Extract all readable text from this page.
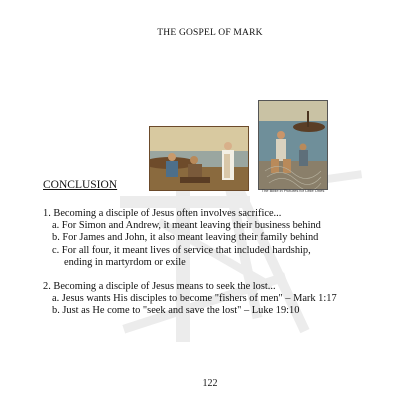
THE GOSPEL OF MARK
The Bible in Pictures for Little Ones
CONCLUSION

1. Becoming a disciple of Jesus often involves sacrifice...

a. For Simon and Andrew, it meant leaving their business behind

b. For James and John, it also meant leaving their family behind

c. For all four, it meant lives of service that included hardship,

ending in martyrdom or exile

2. Becoming a disciple of Jesus means to seek the lost...

a. Jesus wants His disciples to become "fishers of men" – Mark 1:17

b. Just as He come to "seek and save the lost" – Luke 19:10

122
